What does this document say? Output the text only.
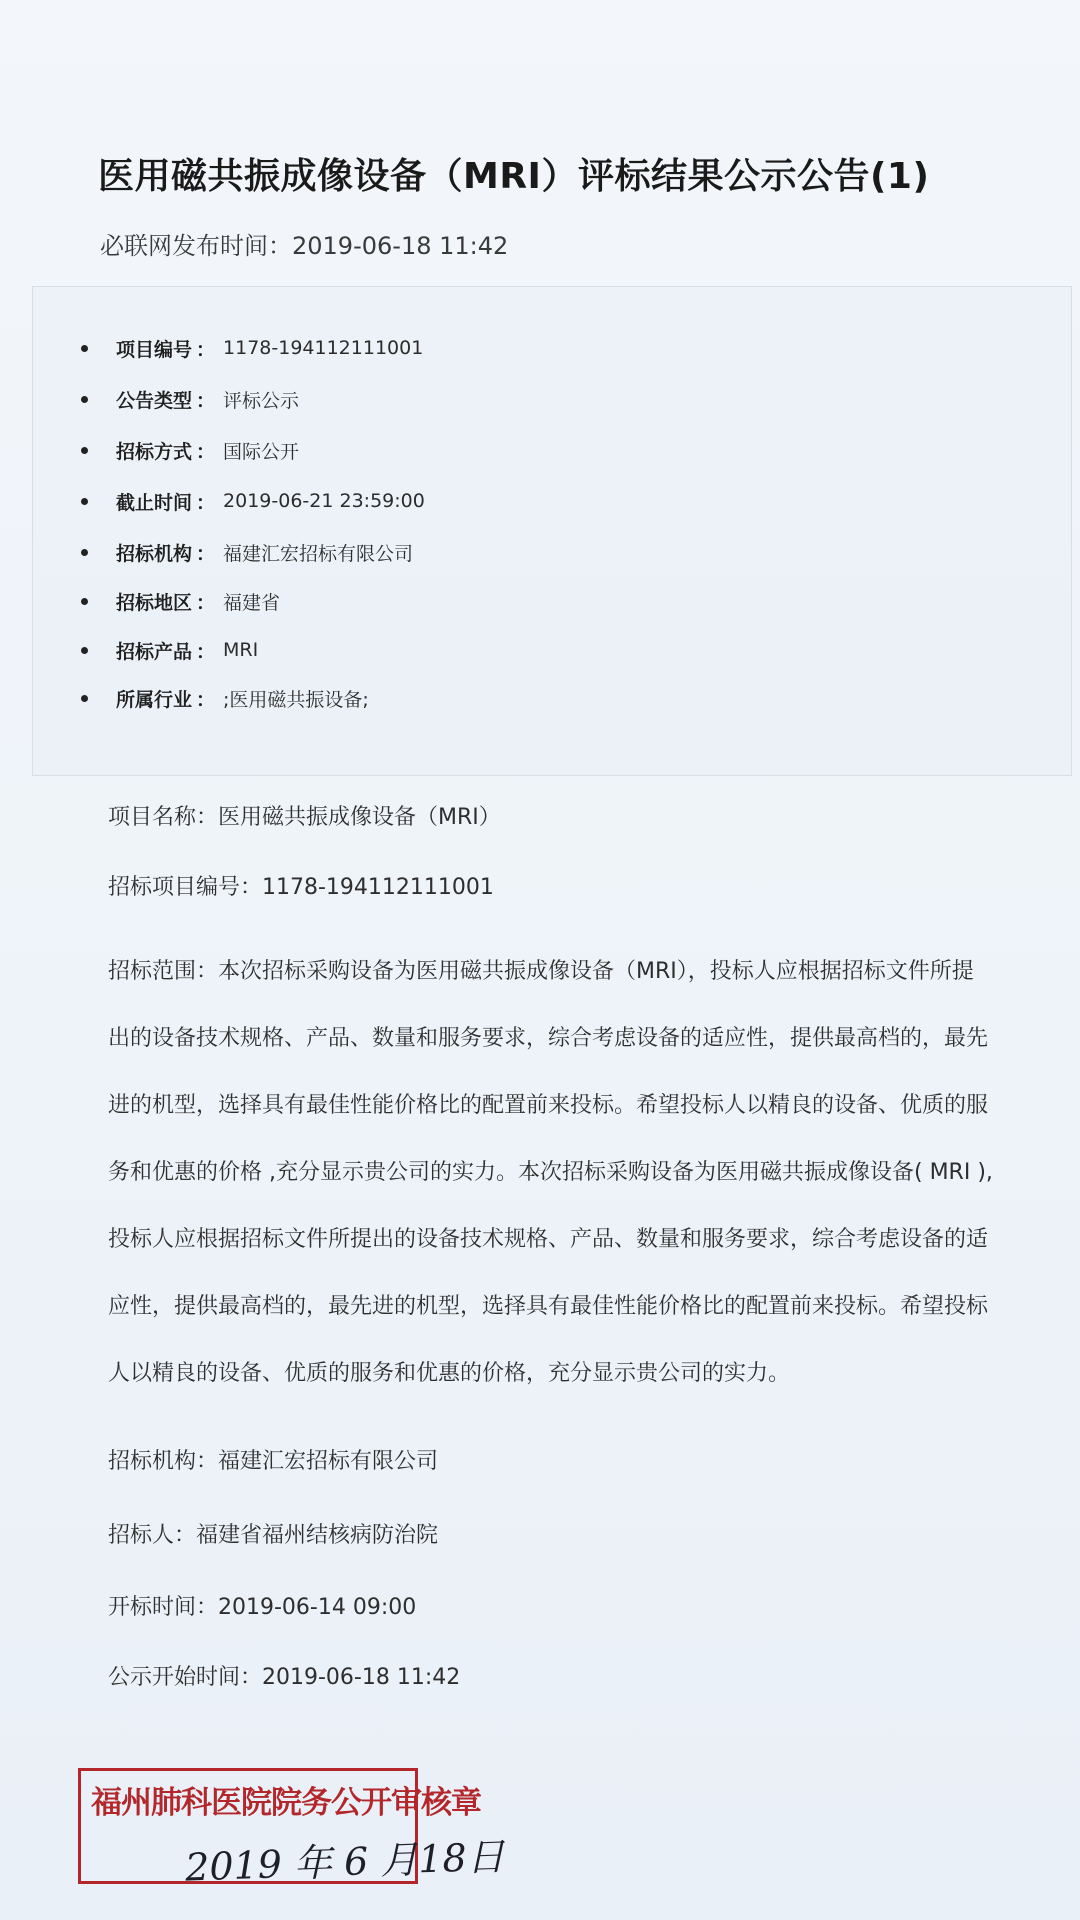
医用磁共振成像设备（MRI）评标结果公示公告(1)
必联网发布时间：2019-06-18 11:42
项目编号 ： 1178-194112111001
公告类型 ： 评标公示
招标方式 ： 国际公开
截止时间 ： 2019-06-21 23:59:00
招标机构 ： 福建汇宏招标有限公司
招标地区 ： 福建省
招标产品 ： MRI
所属行业 ： ;医用磁共振设备;
项目名称：医用磁共振成像设备（MRI）
招标项目编号：1178-194112111001
招标范围：本次招标采购设备为医用磁共振成像设备（MRI），投标人应根据招标文件所提
出的设备技术规格、产品、数量和服务要求，综合考虑设备的适应性，提供最高档的，最先
进的机型，选择具有最佳性能价格比的配置前来投标。希望投标人以精良的设备、优质的服
务和优惠的价格 ,充分显示贵公司的实力。本次招标采购设备为医用磁共振成像设备( MRI ),
投标人应根据招标文件所提出的设备技术规格、产品、数量和服务要求，综合考虑设备的适
应性，提供最高档的，最先进的机型，选择具有最佳性能价格比的配置前来投标。希望投标
人以精良的设备、优质的服务和优惠的价格，充分显示贵公司的实力。
招标机构：福建汇宏招标有限公司
招标人：福建省福州结核病防治院
开标时间：2019-06-14 09:00
公示开始时间：2019-06-18 11:42
福州肺科医院院务公开审核章
2019 年 6 月18日
